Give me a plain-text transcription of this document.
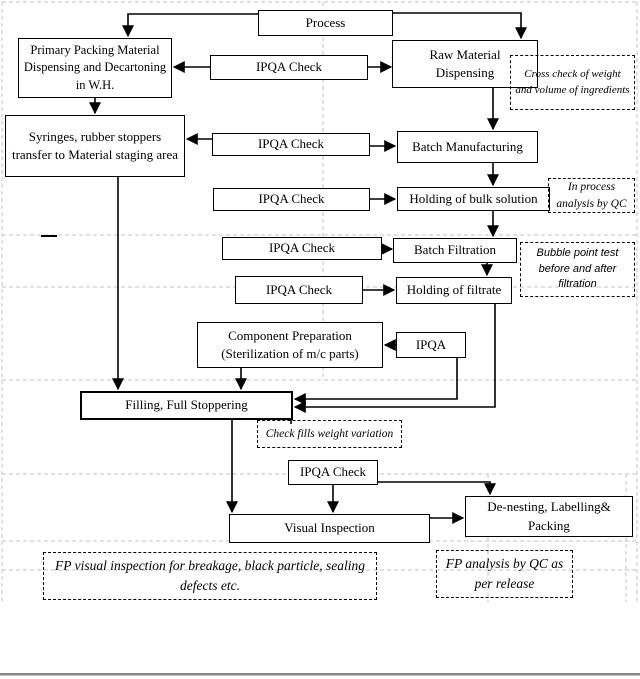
Process
Primary Packing Material Dispensing and Decartoning in W.H.
IPQA Check
Raw Material Dispensing
Syringes, rubber stoppers transfer to Material staging area
IPQA Check	Batch Manufacturing
IPQA Check	Holding of bulk solution
IPQA Check	Batch Filtration
IPQA Check	Holding of filtrate
Component Preparation (Sterilization of m/c parts)
IPQA
Filling, Full Stoppering
IPQA Check
Visual Inspection
De-nesting, Labelling& Packing
Cross check of weight and volume of ingredients
In process analysis by QC
Bubble point test before and after filtration
Check fills weight variation
FP visual inspection for breakage, black particle, sealing defects etc.
FP analysis by QC as per release
